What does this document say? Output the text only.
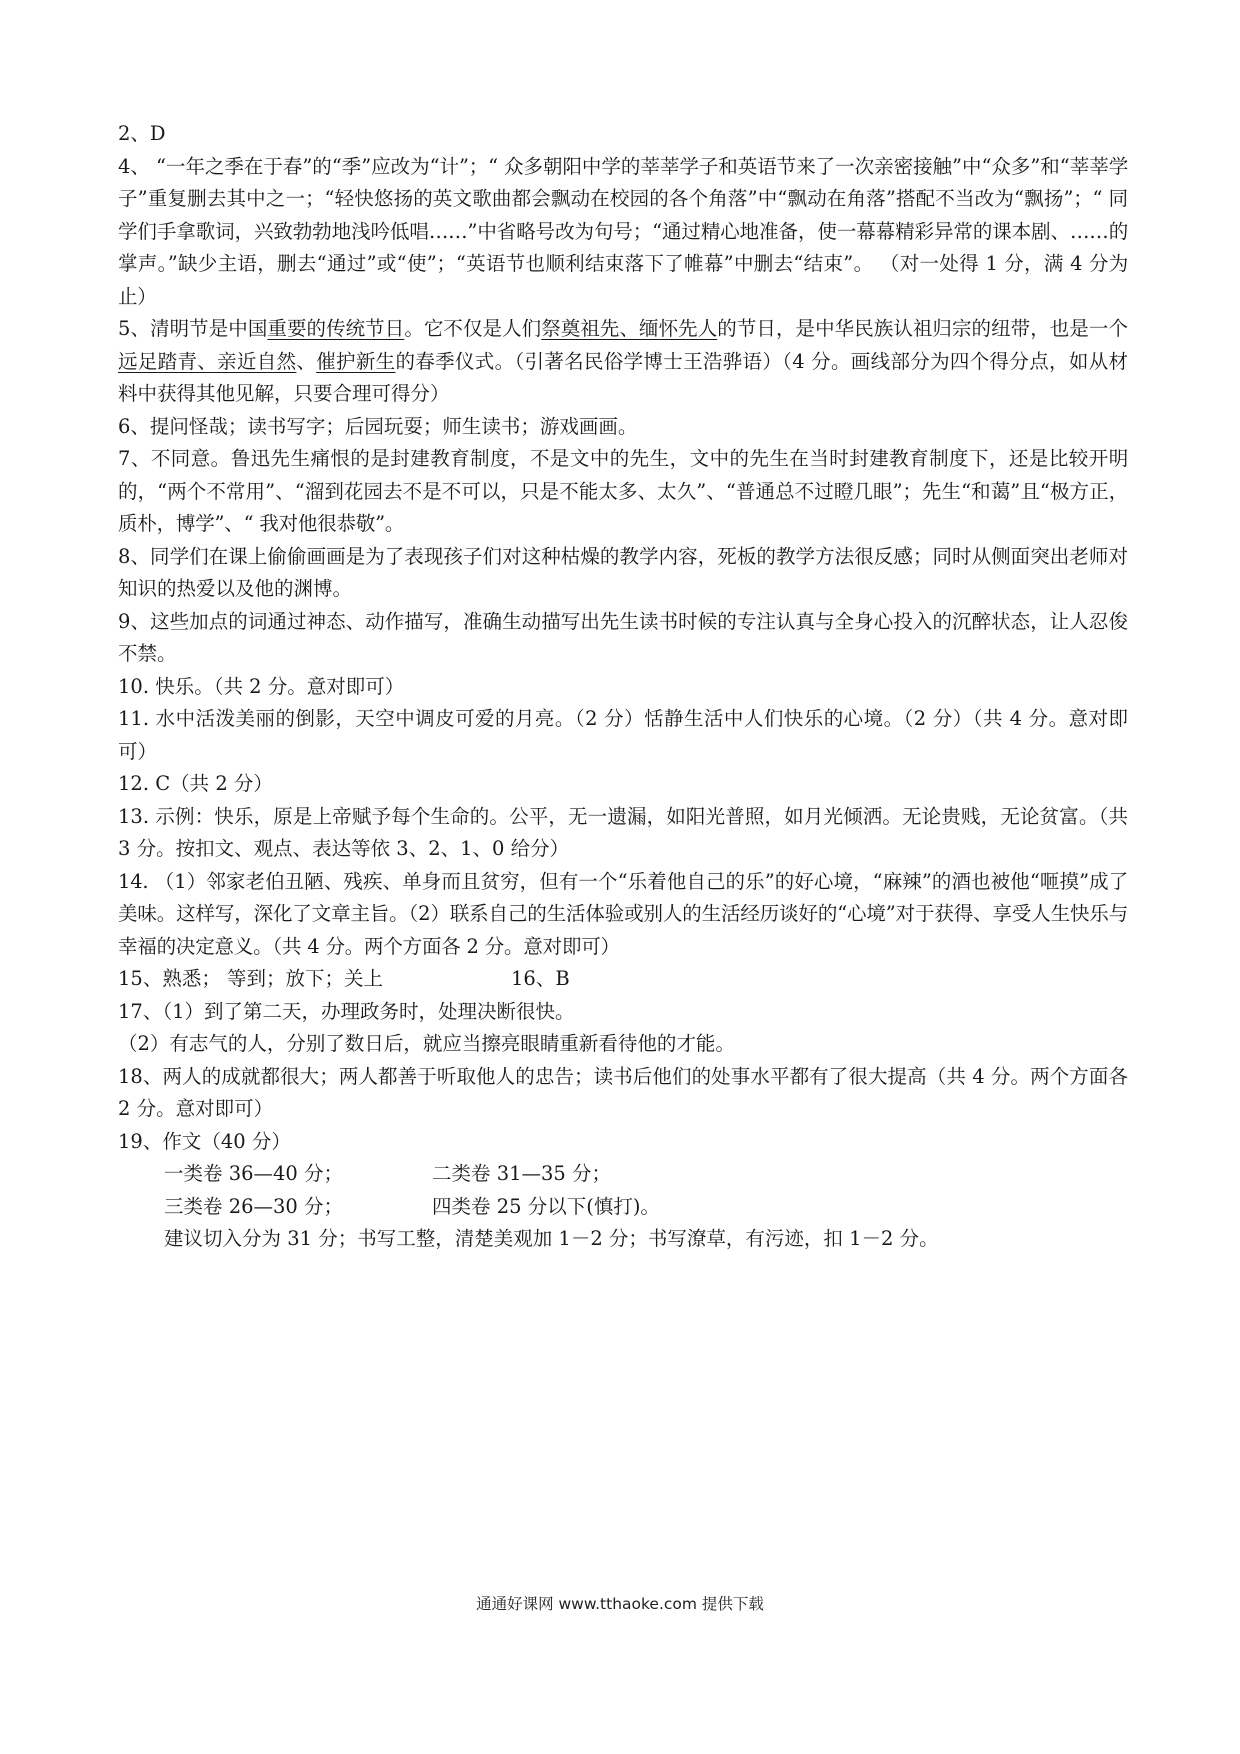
2、D

4、 “一年之季在于春”的“季”应改为“计”；“ 众多朝阳中学的莘莘学子和英语节来了一次亲密接触”中“众多”和“莘莘学子”重复删去其中之一；“轻快悠扬的英文歌曲都会飘动在校园的各个角落”中“飘动在角落”搭配不当改为“飘扬”；“ 同学们手拿歌词，兴致勃勃地浅吟低唱……”中省略号改为句号；“通过精心地准备，使一幕幕精彩异常的课本剧、……的掌声。”缺少主语，删去“通过”或“使”；“英语节也顺利结束落下了帷幕”中删去“结束”。 （对一处得 1 分，满 4 分为止）

5、清明节是中国重要的传统节日。它不仅是人们祭奠祖先、缅怀先人的节日，是中华民族认祖归宗的纽带，也是一个远足踏青、亲近自然、催护新生的春季仪式。（引著名民俗学博士王浩骅语）（4 分。画线部分为四个得分点，如从材料中获得其他见解，只要合理可得分）

6、提问怪哉；读书写字；后园玩耍；师生读书；游戏画画。

7、不同意。鲁迅先生痛恨的是封建教育制度，不是文中的先生，文中的先生在当时封建教育制度下，还是比较开明的，“两个不常用”、“溜到花园去不是不可以，只是不能太多、太久”、“普通总不过瞪几眼”；先生“和蔼”且“极方正，质朴，博学”、“ 我对他很恭敬”。

8、同学们在课上偷偷画画是为了表现孩子们对这种枯燥的教学内容，死板的教学方法很反感；同时从侧面突出老师对知识的热爱以及他的渊博。

9、这些加点的词通过神态、动作描写，准确生动描写出先生读书时候的专注认真与全身心投入的沉醉状态，让人忍俊不禁。

10. 快乐。（共 2 分。意对即可）

11. 水中活泼美丽的倒影，天空中调皮可爱的月亮。（2 分）恬静生活中人们快乐的心境。（2 分）（共 4 分。意对即可）

12. C（共 2 分）

13. 示例：快乐，原是上帝赋予每个生命的。公平，无一遗漏，如阳光普照，如月光倾洒。无论贵贱，无论贫富。（共 3 分。按扣文、观点、表达等依 3、2、1、0 给分）

14. （1）邻家老伯丑陋、残疾、单身而且贫穷，但有一个“乐着他自己的乐”的好心境，“麻辣”的酒也被他“咂摸”成了美味。这样写，深化了文章主旨。（2）联系自己的生活体验或别人的生活经历谈好的“心境”对于获得、享受人生快乐与幸福的决定意义。（共 4 分。两个方面各 2 分。意对即可）

15、熟悉； 等到；放下；关上	16、B

17、（1）到了第二天，办理政务时，处理决断很快。

（2）有志气的人，分别了数日后，就应当擦亮眼睛重新看待他的才能。

18、两人的成就都很大；两人都善于听取他人的忠告；读书后他们的处事水平都有了很大提高（共 4 分。两个方面各 2 分。意对即可）

19、作文（40 分）

一类卷 36—40 分；	二类卷 31—35 分；
三类卷 26—30 分；	四类卷 25 分以下(慎打)。

建议切入分为 31 分；书写工整，清楚美观加 1－2 分；书写潦草，有污迹，扣 1－2 分。

通通好课网 www.tthaoke.com 提供下载
